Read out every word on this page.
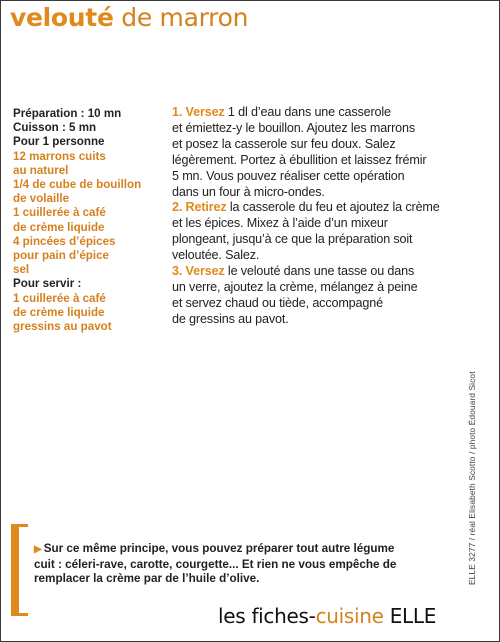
velouté de marron
Préparation : 10 mn
Cuisson : 5 mn
Pour 1 personne
12 marrons cuits
au naturel
1/4 de cube de bouillon
de volaille
1 cuillerée à café
de crème liquide
4 pincées d’épices
pour pain d’épice
sel
Pour servir :
1 cuillerée à café
de crème liquide
gressins au pavot
1. Versez 1 dl d’eau dans une casserole
et émiettez-y le bouillon. Ajoutez les marrons
et posez la casserole sur feu doux. Salez
légèrement. Portez à ébullition et laissez frémir
5 mn. Vous pouvez réaliser cette opération
dans un four à micro-ondes.
2. Retirez la casserole du feu et ajoutez la crème
et les épices. Mixez à l’aide d’un mixeur
plongeant, jusqu’à ce que la préparation soit
veloutée. Salez.
3. Versez le velouté dans une tasse ou dans
un verre, ajoutez la crème, mélangez à peine
et servez chaud ou tiède, accompagné
de gressins au pavot.
ELLE 3277 / réal Elisabeth Scotto / photo Édouard Sicot
▶ Sur ce même principe, vous pouvez préparer tout autre légume
cuit : céleri-rave, carotte, courgette... Et rien ne vous empêche de
remplacer la crème par de l’huile d’olive.
les fiches-cuisine ELLE
